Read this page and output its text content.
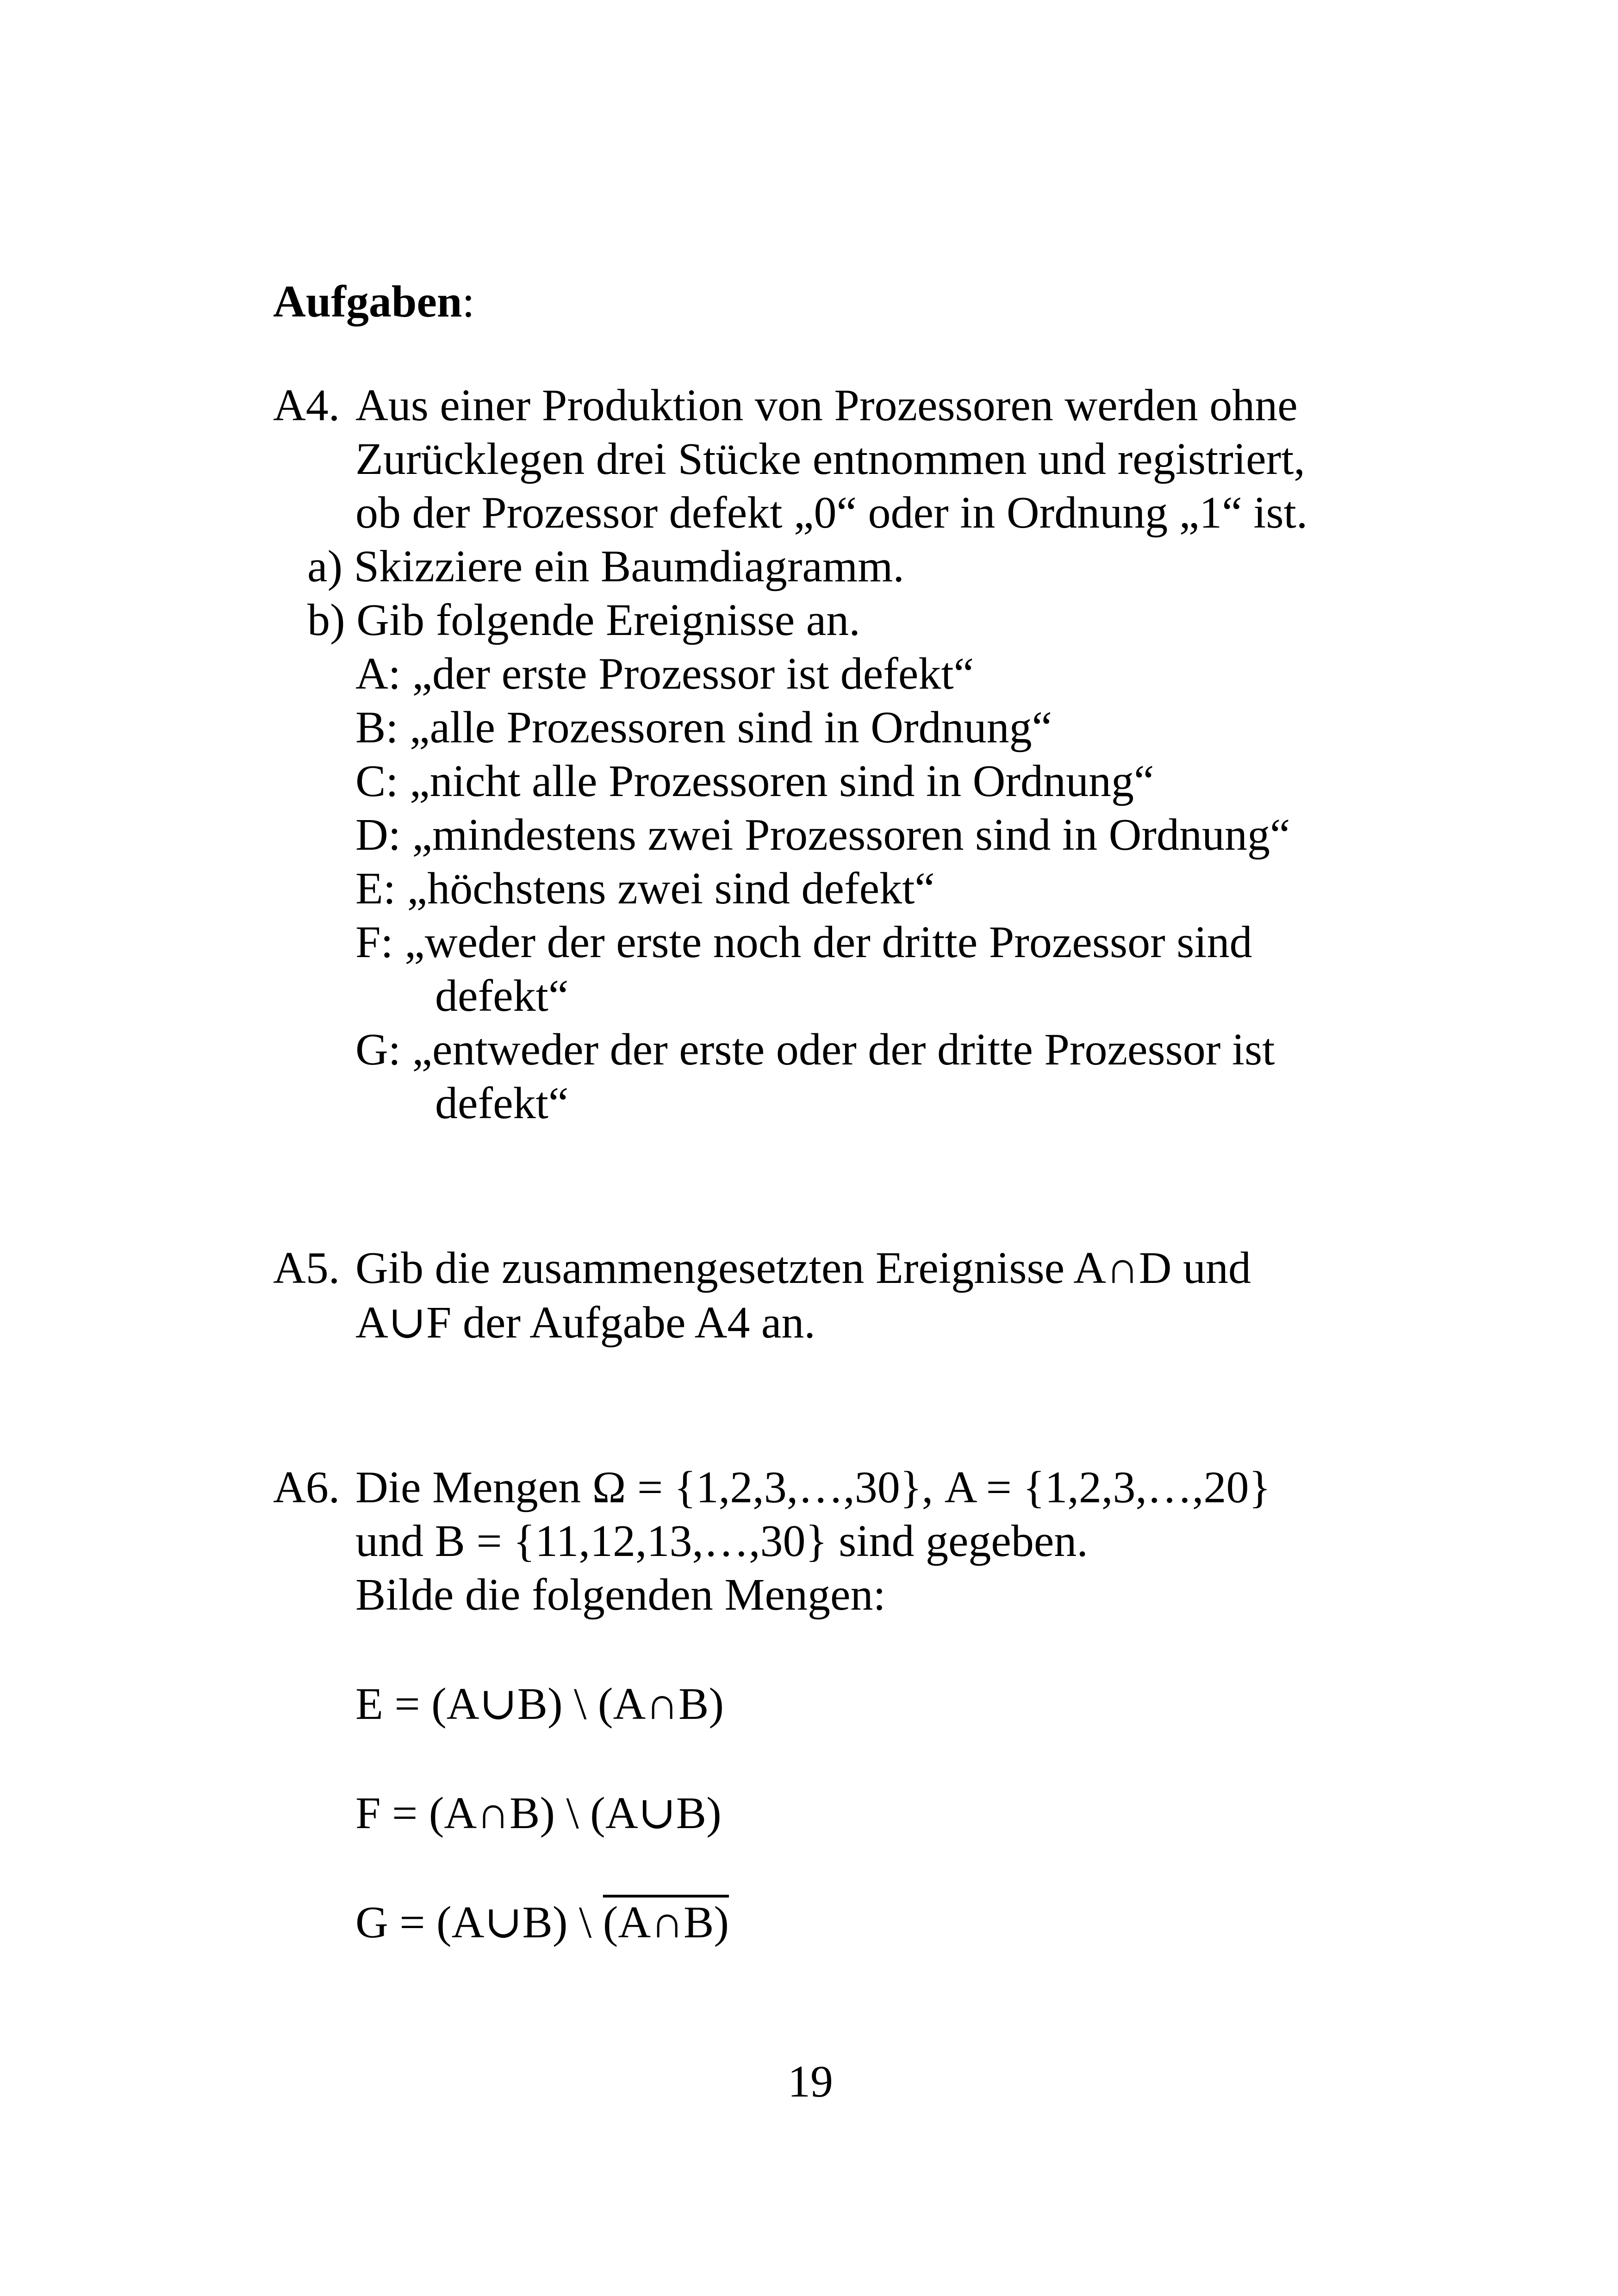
Aufgaben:
A4. Aus einer Produktion von Prozessoren werden ohne
Zurücklegen drei Stücke entnommen und registriert,
ob der Prozessor defekt „0“ oder in Ordnung „1“ ist.
a) Skizziere ein Baumdiagramm.
b) Gib folgende Ereignisse an.
A: „der erste Prozessor ist defekt“
B: „alle Prozessoren sind in Ordnung“
C: „nicht alle Prozessoren sind in Ordnung“
D: „mindestens zwei Prozessoren sind in Ordnung“
E: „höchstens zwei sind defekt“
F: „weder der erste noch der dritte Prozessor sind
defekt“
G: „entweder der erste oder der dritte Prozessor ist
defekt“
A5. Gib die zusammengesetzten Ereignisse A∩D und
A∪F der Aufgabe A4 an.
A6. Die Mengen Ω = {1,2,3,…,30}, A = {1,2,3,…,20}
und B = {11,12,13,…,30} sind gegeben.
Bilde die folgenden Mengen:
E = (A∪B) \ (A∩B)
F = (A∩B) \ (A∪B)
G = (A∪B) \ (A∩B)
19
